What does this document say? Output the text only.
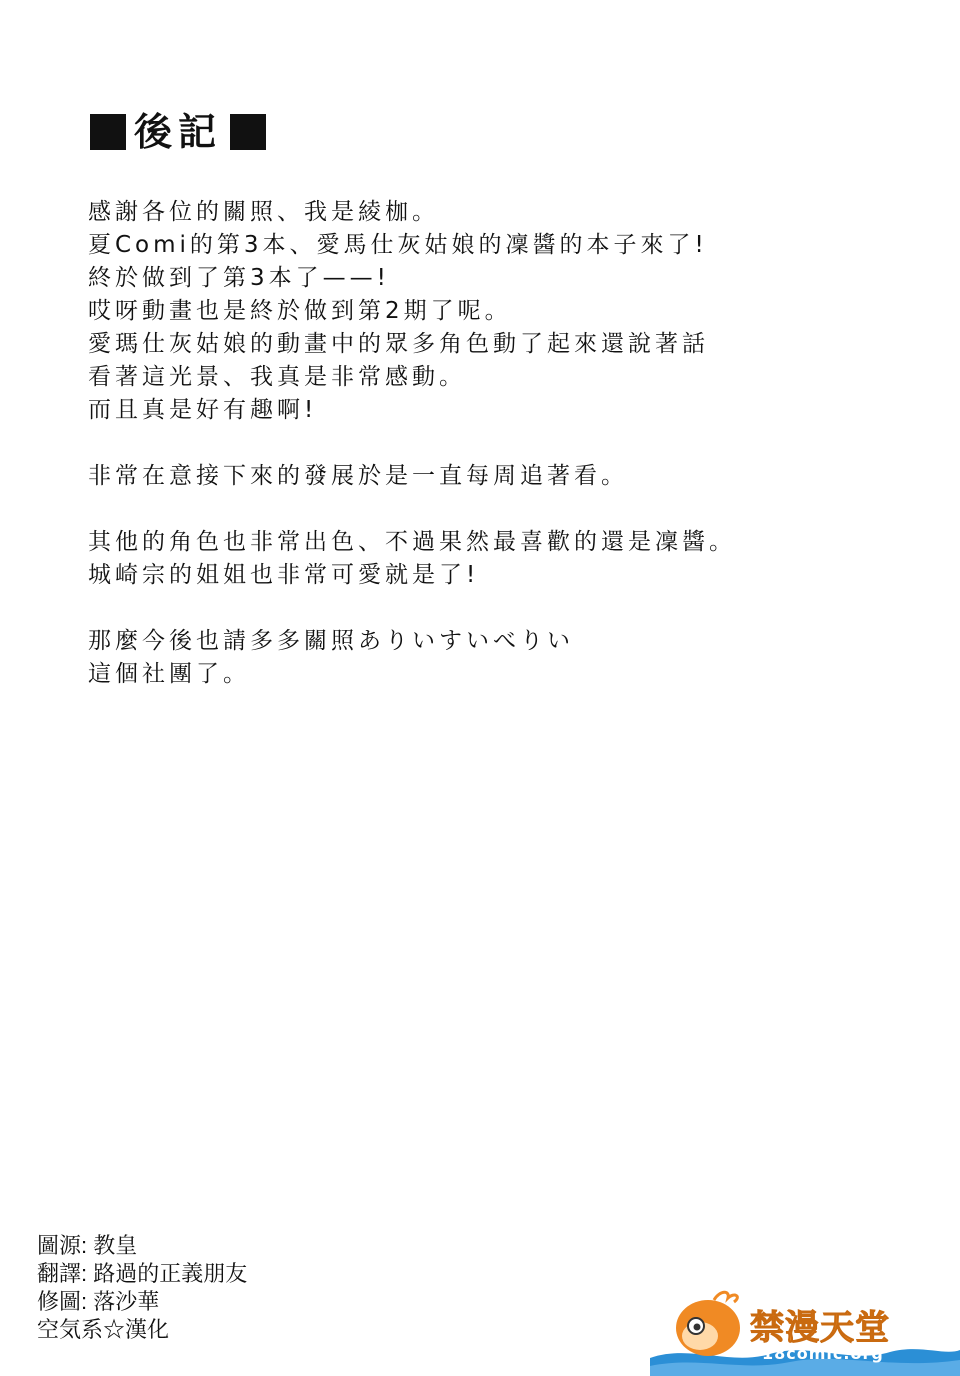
後記
感謝各位的關照、我是綾枷。
夏Comi的第3本、愛馬仕灰姑娘的凜醬的本子來了!
終於做到了第3本了——!
哎呀動畫也是終於做到第2期了呢。
愛瑪仕灰姑娘的動畫中的眾多角色動了起來還說著話
看著這光景、我真是非常感動。
而且真是好有趣啊!
非常在意接下來的發展於是一直每周追著看。
其他的角色也非常出色、不過果然最喜歡的還是凜醬。
城崎宗的姐姐也非常可愛就是了!
那麼今後也請多多關照ありいすいべりい
這個社團了。
圖源: 教皇
翻譯: 路過的正義朋友
修圖: 落沙華
空気系☆漢化	禁漫天堂
18comic.org
